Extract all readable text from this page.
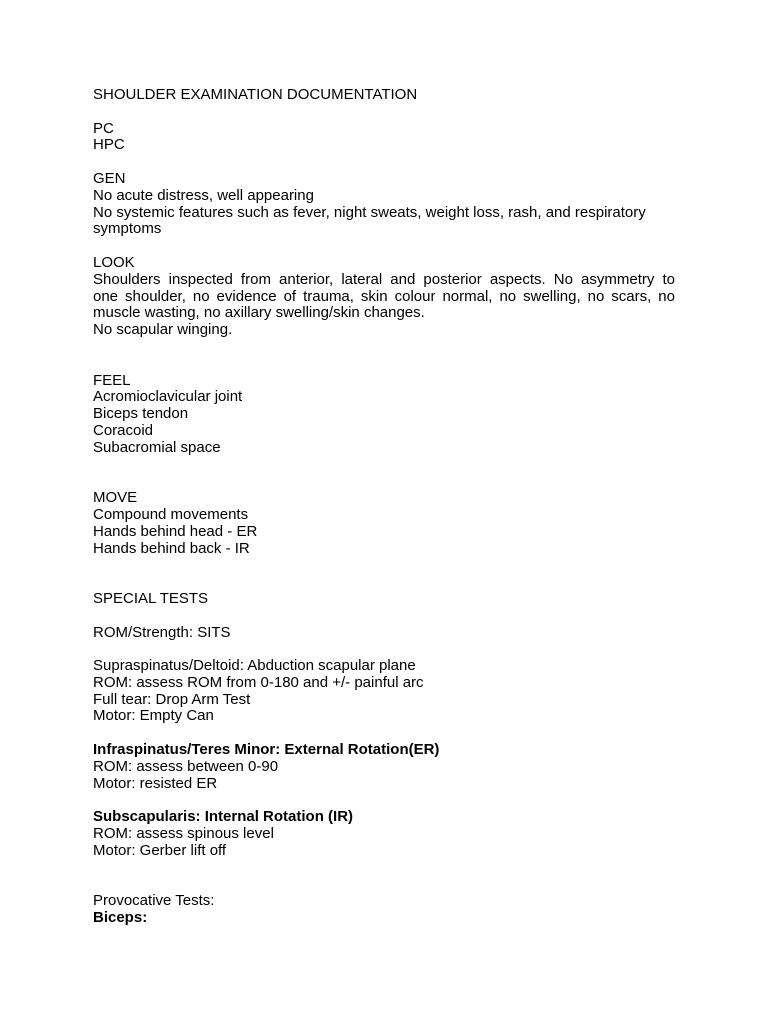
SHOULDER EXAMINATION DOCUMENTATION
PC
HPC
GEN
No acute distress, well appearing
No systemic features such as fever, night sweats, weight loss, rash, and respiratory
symptoms
LOOK
Shoulders inspected from anterior, lateral and posterior aspects. No asymmetry to
one shoulder, no evidence of trauma, skin colour normal, no swelling, no scars, no
muscle wasting, no axillary swelling/skin changes.
No scapular winging.
FEEL
Acromioclavicular joint
Biceps tendon
Coracoid
Subacromial space
MOVE
Compound movements
Hands behind head - ER
Hands behind back - IR
SPECIAL TESTS
ROM/Strength: SITS
Supraspinatus/Deltoid: Abduction scapular plane
ROM: assess ROM from 0-180 and +/- painful arc
Full tear: Drop Arm Test
Motor: Empty Can
Infraspinatus/Teres Minor: External Rotation(ER)
ROM: assess between 0-90
Motor: resisted ER
Subscapularis: Internal Rotation (IR)
ROM: assess spinous level
Motor: Gerber lift off
Provocative Tests:
Biceps:
